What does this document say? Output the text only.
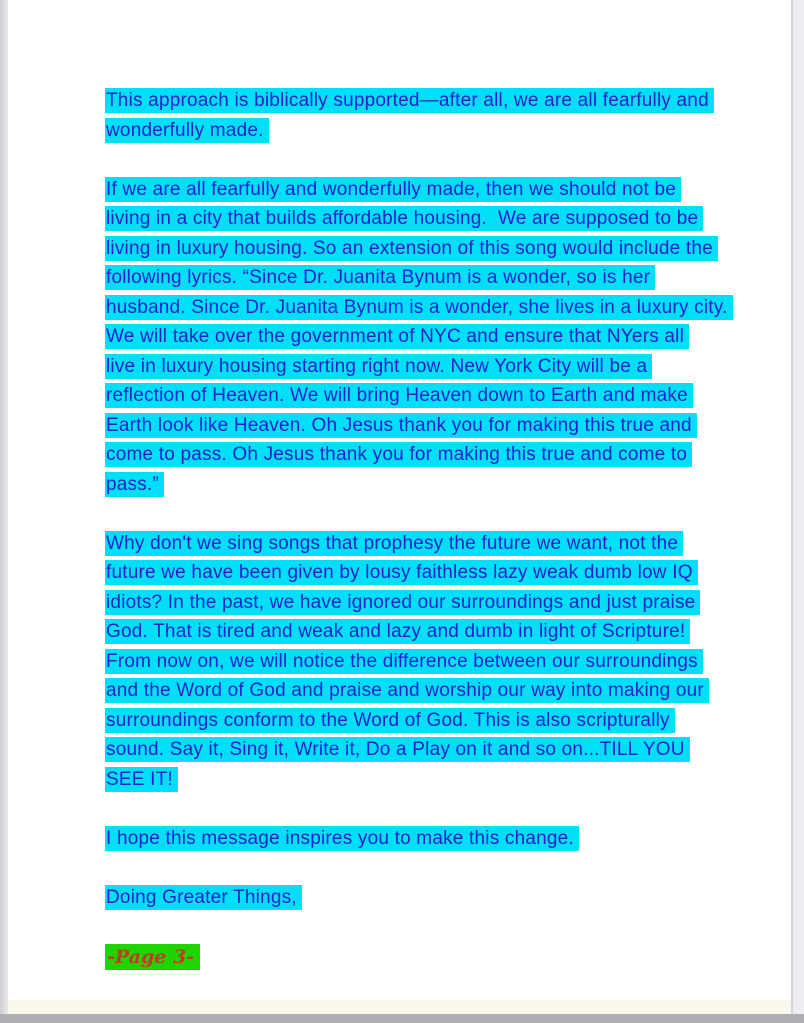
This approach is biblically supported—after all, we are all fearfully and
wonderfully made.
If we are all fearfully and wonderfully made, then we should not be
living in a city that builds affordable housing.  We are supposed to be
living in luxury housing. So an extension of this song would include the
following lyrics. “Since Dr. Juanita Bynum is a wonder, so is her
husband. Since Dr. Juanita Bynum is a wonder, she lives in a luxury city.
We will take over the government of NYC and ensure that NYers all
live in luxury housing starting right now. New York City will be a
reflection of Heaven. We will bring Heaven down to Earth and make
Earth look like Heaven. Oh Jesus thank you for making this true and
come to pass. Oh Jesus thank you for making this true and come to
pass.”
Why don't we sing songs that prophesy the future we want, not the
future we have been given by lousy faithless lazy weak dumb low IQ
idiots? In the past, we have ignored our surroundings and just praise
God. That is tired and weak and lazy and dumb in light of Scripture!
From now on, we will notice the difference between our surroundings
and the Word of God and praise and worship our way into making our
surroundings conform to the Word of God. This is also scripturally
sound. Say it, Sing it, Write it, Do a Play on it and so on...TILL YOU
SEE IT!
I hope this message inspires you to make this change.
Doing Greater Things,
-Page 3-
